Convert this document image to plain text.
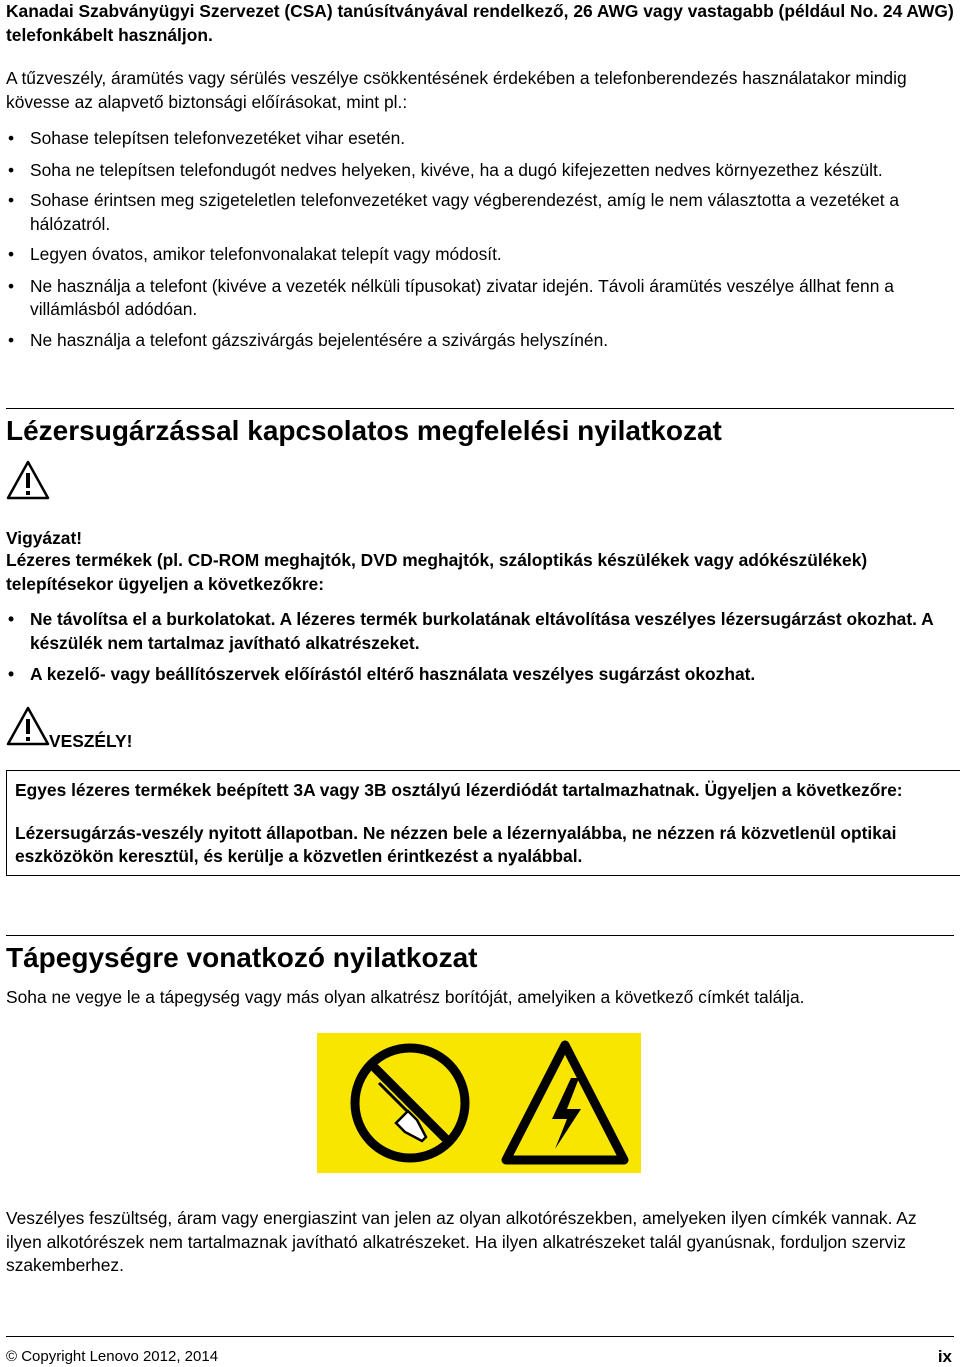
Kanadai Szabványügyi Szervezet (CSA) tanúsítványával rendelkező, 26 AWG vagy vastagabb (például No. 24 AWG) telefonkábelt használjon.

A tűzveszély, áramütés vagy sérülés veszélye csökkentésének érdekében a telefonberendezés használatakor mindig kövesse az alapvető biztonsági előírásokat, mint pl.:

• Sohase telepítsen telefonvezetéket vihar esetén.
• Soha ne telepítsen telefondugót nedves helyeken, kivéve, ha a dugó kifejezetten nedves környezethez készült.
• Sohase érintsen meg szigeteletlen telefonvezetéket vagy végberendezést, amíg le nem választotta a vezetéket a hálózatról.
• Legyen óvatos, amikor telefonvonalakat telepít vagy módosít.
• Ne használja a telefont (kivéve a vezeték nélküli típusokat) zivatar idején. Távoli áramütés veszélye állhat fenn a villámlásból adódóan.
• Ne használja a telefont gázszivárgás bejelentésére a szivárgás helyszínén.
Lézersugárzással kapcsolatos megfelelési nyilatkozat

Vigyázat!

Lézeres termékek (pl. CD-ROM meghajtók, DVD meghajtók, száloptikás készülékek vagy adókészülékek) telepítésekor ügyeljen a következőkre:

• Ne távolítsa el a burkolatokat. A lézeres termék burkolatának eltávolítása veszélyes lézersugárzást okozhat. A készülék nem tartalmaz javítható alkatrészeket.
• A kezelő- vagy beállítószervek előírástól eltérő használata veszélyes sugárzást okozhat.

VESZÉLY!

Egyes lézeres termékek beépített 3A vagy 3B osztályú lézerdiódát tartalmazhatnak. Ügyeljen a következőre:

Lézersugárzás-veszély nyitott állapotban. Ne nézzen bele a lézernyalábba, ne nézzen rá közvetlenül optikai eszközökön keresztül, és kerülje a közvetlen érintkezést a nyalábbal.

Tápegységre vonatkozó nyilatkozat

Soha ne vegye le a tápegység vagy más olyan alkatrész borítóját, amelyiken a következő címkét találja.

Veszélyes feszültség, áram vagy energiaszint van jelen az olyan alkotórészekben, amelyeken ilyen címkék vannak. Az ilyen alkotórészek nem tartalmaznak javítható alkatrészeket. Ha ilyen alkatrészeket talál gyanúsnak, forduljon szerviz szakemberhez.

© Copyright Lenovo 2012, 2014	ix
